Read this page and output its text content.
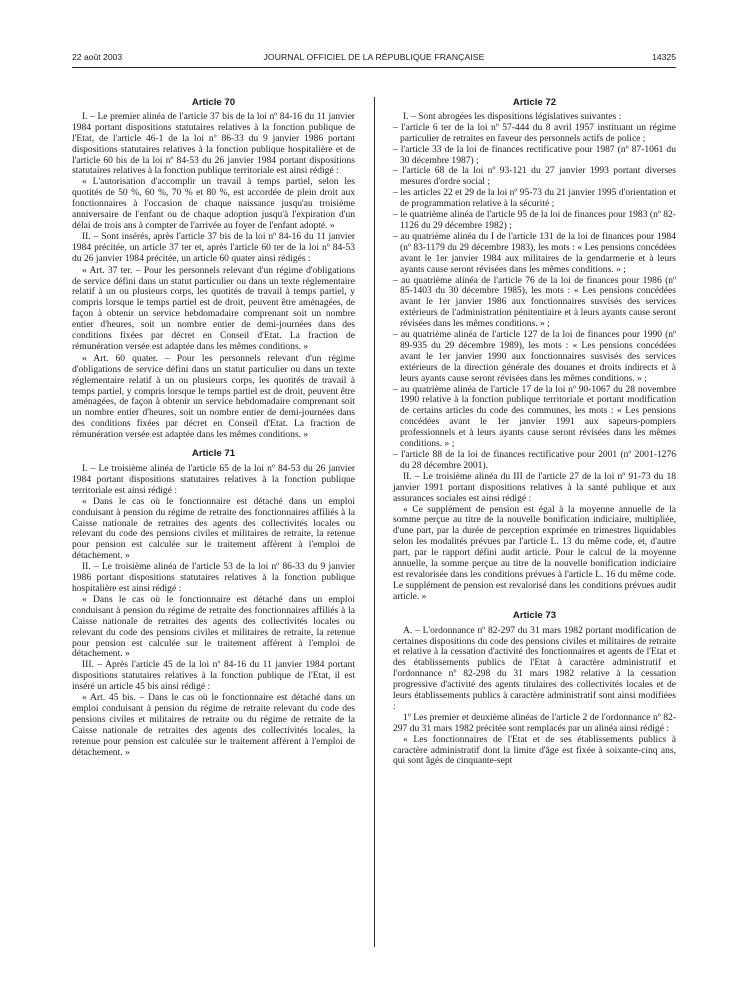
22 août 2003	JOURNAL OFFICIEL DE LA RÉPUBLIQUE FRANÇAISE	14325
Article 70

I. – Le premier alinéa de l'article 37 bis de la loi nº 84-16 du 11 janvier 1984 portant dispositions statutaires relatives à la fonction publique de l'Etat, de l'article 46-1 de la loi nº 86-33 du 9 janvier 1986 portant dispositions statutaires relatives à la fonction publique hospitalière et de l'article 60 bis de la loi nº 84-53 du 26 janvier 1984 portant dispositions statutaires relatives à la fonction publique territoriale est ainsi rédigé :

« L'autorisation d'accomplir un travail à temps partiel, selon les quotités de 50 %, 60 %, 70 % et 80 %, est accordée de plein droit aux fonctionnaires à l'occasion de chaque naissance jusqu'au troisième anniversaire de l'enfant ou de chaque adoption jusqu'à l'expiration d'un délai de trois ans à compter de l'arrivée au foyer de l'enfant adopté. »

II. – Sont insérés, après l'article 37 bis de la loi nº 84-16 du 11 janvier 1984 précitée, un article 37 ter et, après l'article 60 ter de la loi nº 84-53 du 26 janvier 1984 précitée, un article 60 quater ainsi rédigés :

« Art. 37 ter. – Pour les personnels relevant d'un régime d'obligations de service défini dans un statut particulier ou dans un texte réglementaire relatif à un ou plusieurs corps, les quotités de travail à temps partiel, y compris lorsque le temps partiel est de droit, peuvent être aménagées, de façon à obtenir un service hebdomadaire comprenant soit un nombre entier d'heures, soit un nombre entier de demi-journées dans des conditions fixées par décret en Conseil d'Etat. La fraction de rémunération versée est adaptée dans les mêmes conditions. »

« Art. 60 quater. – Pour les personnels relevant d'un régime d'obligations de service défini dans un statut particulier ou dans un texte réglementaire relatif à un ou plusieurs corps, les quotités de travail à temps partiel, y compris lorsque le temps partiel est de droit, peuvent être aménagées, de façon à obtenir un service hebdomadaire comprenant soit un nombre entier d'heures, soit un nombre entier de demi-journées dans des conditions fixées par décret en Conseil d'Etat. La fraction de rémunération versée est adaptée dans les mêmes conditions. »

Article 71

I. – Le troisième alinéa de l'article 65 de la loi nº 84-53 du 26 janvier 1984 portant dispositions statutaires relatives à la fonction publique territoriale est ainsi rédigé :

« Dans le cas où le fonctionnaire est détaché dans un emploi conduisant à pension du régime de retraite des fonctionnaires affiliés à la Caisse nationale de retraites des agents des collectivités locales ou relevant du code des pensions civiles et militaires de retraite, la retenue pour pension est calculée sur le traitement afférent à l'emploi de détachement. »

II. – Le troisième alinéa de l'article 53 de la loi nº 86-33 du 9 janvier 1986 portant dispositions statutaires relatives à la fonction publique hospitalière est ainsi rédigé :

« Dans le cas où le fonctionnaire est détaché dans un emploi conduisant à pension du régime de retraite des fonctionnaires affiliés à la Caisse nationale de retraites des agents des collectivités locales ou relevant du code des pensions civiles et militaires de retraite, la retenue pour pension est calculée sur le traitement afférent à l'emploi de détachement. »

III. – Après l'article 45 de la loi nº 84-16 du 11 janvier 1984 portant dispositions statutaires relatives à la fonction publique de l'Etat, il est inséré un article 45 bis ainsi rédigé :

« Art. 45 bis. – Dans le cas où le fonctionnaire est détaché dans un emploi conduisant à pension du régime de retraite relevant du code des pensions civiles et militaires de retraite ou du régime de retraite de la Caisse nationale de retraites des agents des collectivités locales, la retenue pour pension est calculée sur le traitement afférent à l'emploi de détachement. »

Article 72

I. – Sont abrogées les dispositions législatives suivantes :

– l'article 6 ter de la loi nº 57-444 du 8 avril 1957 instituant un régime particulier de retraites en faveur des personnels actifs de police ;
– l'article 33 de la loi de finances rectificative pour 1987 (nº 87-1061 du 30 décembre 1987) ;
– l'article 68 de la loi nº 93-121 du 27 janvier 1993 portant diverses mesures d'ordre social ;
– les articles 22 et 29 de la loi nº 95-73 du 21 janvier 1995 d'orientation et de programmation relative à la sécurité ;
– le quatrième alinéa de l'article 95 de la loi de finances pour 1983 (nº 82-1126 du 29 décembre 1982) ;
– au quatrième alinéa du I de l'article 131 de la loi de finances pour 1984 (nº 83-1179 du 29 décembre 1983), les mots : « Les pensions concédées avant le 1er janvier 1984 aux militaires de la gendarmerie et à leurs ayants cause seront révisées dans les mêmes conditions. » ;
– au quatrième alinéa de l'article 76 de la loi de finances pour 1986 (nº 85-1403 du 30 décembre 1985), les mots : « Les pensions concédées avant le 1er janvier 1986 aux fonctionnaires susvisés des services extérieurs de l'administration pénitentiaire et à leurs ayants cause seront révisées dans les mêmes conditions. » ;
– au quatrième alinéa de l'article 127 de la loi de finances pour 1990 (nº 89-935 du 29 décembre 1989), les mots : « Les pensions concédées avant le 1er janvier 1990 aux fonctionnaires susvisés des services extérieurs de la direction générale des douanes et droits indirects et à leurs ayants cause seront révisées dans les mêmes conditions. » ;
– au quatrième alinéa de l'article 17 de la loi nº 90-1067 du 28 novembre 1990 relative à la fonction publique territoriale et portant modification de certains articles du code des communes, les mots : « Les pensions concédées avant le 1er janvier 1991 aux sapeurs-pompiers professionnels et à leurs ayants cause seront révisées dans les mêmes conditions. » ;
– l'article 88 de la loi de finances rectificative pour 2001 (nº 2001-1276 du 28 décembre 2001).

II. – Le troisième alinéa du III de l'article 27 de la loi nº 91-73 du 18 janvier 1991 portant dispositions relatives à la santé publique et aux assurances sociales est ainsi rédigé :

« Ce supplément de pension est égal à la moyenne annuelle de la somme perçue au titre de la nouvelle bonification indiciaire, multipliée, d'une part, par la durée de perception exprimée en trimestres liquidables selon les modalités prévues par l'article L. 13 du même code, et, d'autre part, par le rapport défini audit article. Pour le calcul de la moyenne annuelle, la somme perçue au titre de la nouvelle bonification indiciaire est revalorisée dans les conditions prévues à l'article L. 16 du même code. Le supplément de pension est revalorisé dans les conditions prévues audit article. »

Article 73

A. – L'ordonnance nº 82-297 du 31 mars 1982 portant modification de certaines dispositions du code des pensions civiles et militaires de retraite et relative à la cessation d'activité des fonctionnaires et agents de l'Etat et des établissements publics de l'Etat à caractère administratif et l'ordonnance nº 82-298 du 31 mars 1982 relative à la cessation progressive d'activité des agents titulaires des collectivités locales et de leurs établissements publics à caractère administratif sont ainsi modifiées :

1º Les premier et deuxième alinéas de l'article 2 de l'ordonnance nº 82-297 du 31 mars 1982 précitée sont remplacés par un alinéa ainsi rédigé :

« Les fonctionnaires de l'Etat et de ses établissements publics à caractère administratif dont la limite d'âge est fixée à soixante-cinq ans, qui sont âgés de cinquante-sept
